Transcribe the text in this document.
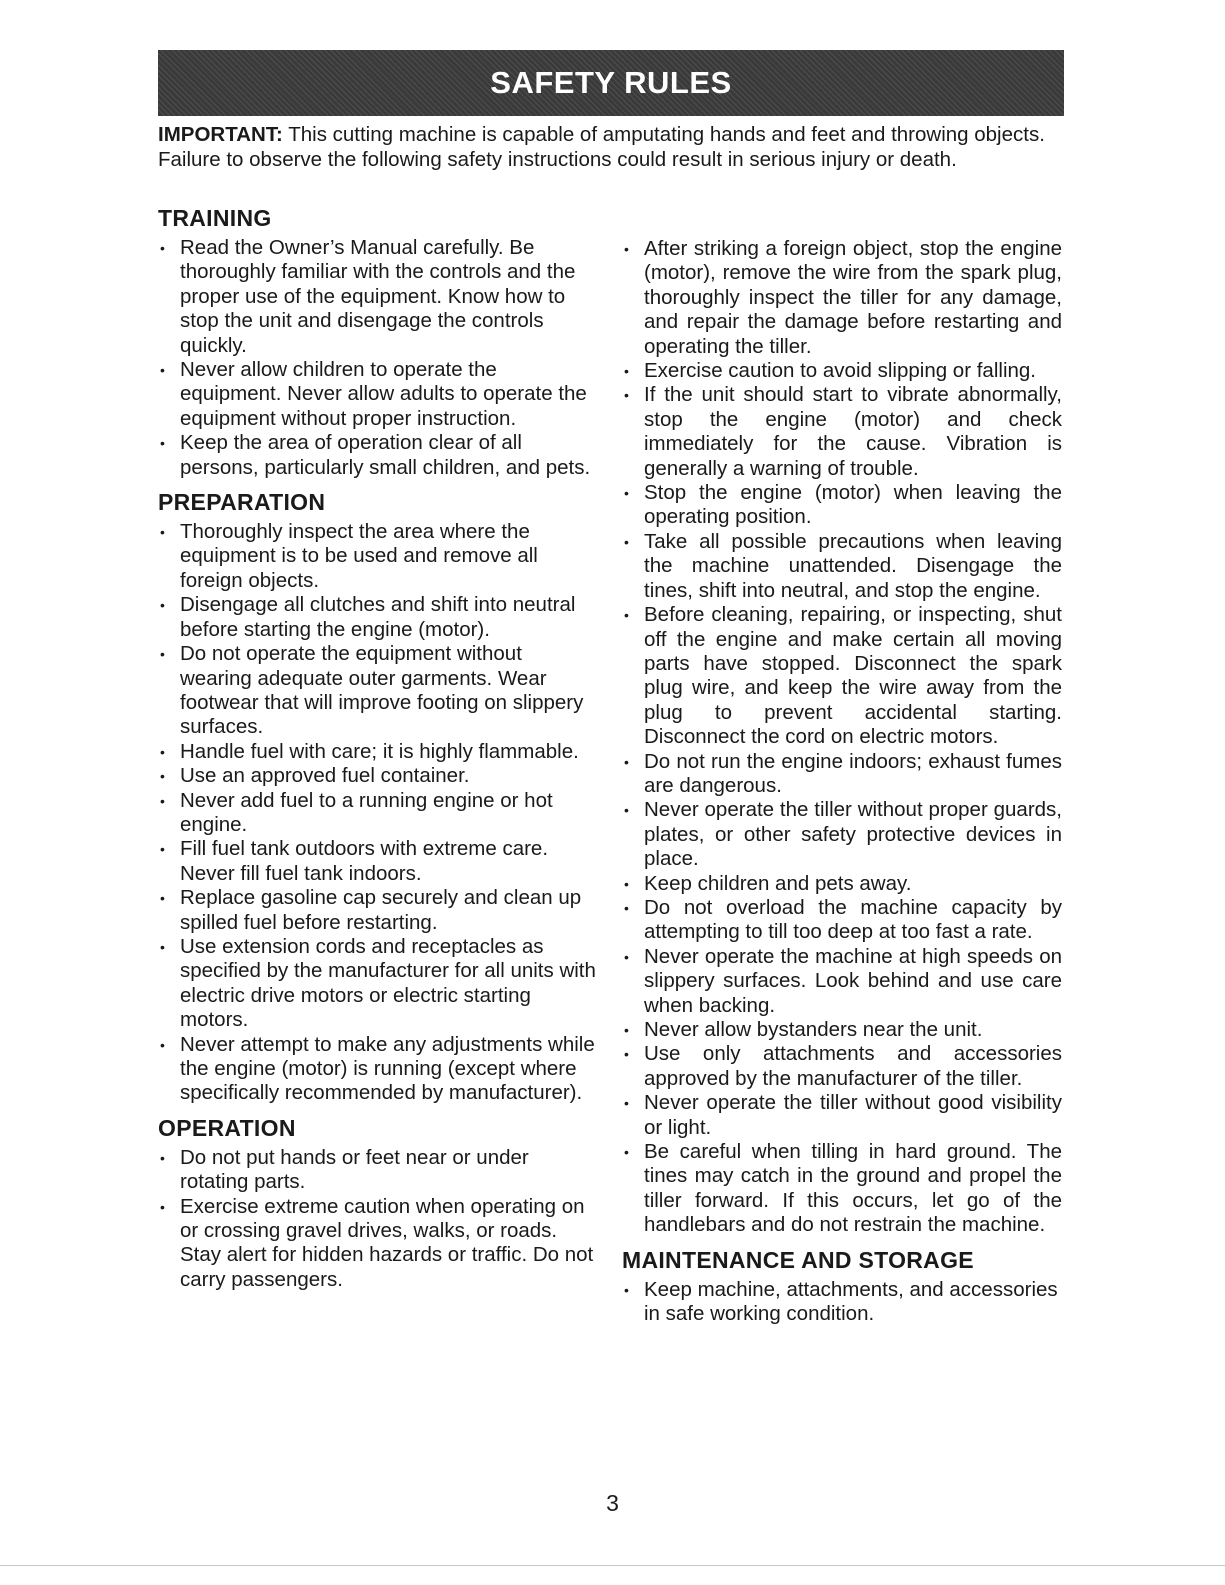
SAFETY RULES

IMPORTANT: This cutting machine is capable of amputating hands and feet and throwing objects. Failure to observe the following safety instructions could result in serious injury or death.

TRAINING
• Read the Owner’s Manual carefully. Be thoroughly familiar with the controls and the proper use of the equipment. Know how to stop the unit and disengage the controls quickly.
• Never allow children to operate the equipment. Never allow adults to operate the equipment without proper instruction.
• Keep the area of operation clear of all persons, particularly small children, and pets.
PREPARATION
• Thoroughly inspect the area where the equipment is to be used and remove all foreign objects.
• Disengage all clutches and shift into neutral before starting the engine (motor).
• Do not operate the equipment without wearing adequate outer garments. Wear footwear that will improve footing on slippery surfaces.
• Handle fuel with care; it is highly flammable.
• Use an approved fuel container.
• Never add fuel to a running engine or hot engine.
• Fill fuel tank outdoors with extreme care. Never fill fuel tank indoors.
• Replace gasoline cap securely and clean up spilled fuel before restarting.
• Use extension cords and receptacles as specified by the manufacturer for all units with electric drive motors or electric starting motors.
• Never attempt to make any adjustments while the engine (motor) is running (except where specifically recommended by manufacturer).
OPERATION
• Do not put hands or feet near or under rotating parts.
• Exercise extreme caution when operating on or crossing gravel drives, walks, or roads. Stay alert for hidden hazards or traffic. Do not carry passengers.
• After striking a foreign object, stop the engine (motor), remove the wire from the spark plug, thoroughly inspect the tiller for any damage, and repair the damage before restarting and operating the tiller.
• Exercise caution to avoid slipping or falling.
• If the unit should start to vibrate abnormally, stop the engine (motor) and check immediately for the cause. Vibration is generally a warning of trouble.
• Stop the engine (motor) when leaving the operating position.
• Take all possible precautions when leaving the machine unattended. Disengage the tines, shift into neutral, and stop the engine.
• Before cleaning, repairing, or inspecting, shut off the engine and make certain all moving parts have stopped. Disconnect the spark plug wire, and keep the wire away from the plug to prevent accidental starting. Disconnect the cord on electric motors.
• Do not run the engine indoors; exhaust fumes are dangerous.
• Never operate the tiller without proper guards, plates, or other safety protective devices in place.
• Keep children and pets away.
• Do not overload the machine capacity by attempting to till too deep at too fast a rate.
• Never operate the machine at high speeds on slippery surfaces. Look behind and use care when backing.
• Never allow bystanders near the unit.
• Use only attachments and accessories approved by the manufacturer of the tiller.
• Never operate the tiller without good visibility or light.
• Be careful when tilling in hard ground. The tines may catch in the ground and propel the tiller forward. If this occurs, let go of the handlebars and do not restrain the machine.
MAINTENANCE AND STORAGE
• Keep machine, attachments, and accessories in safe working condition.
3
